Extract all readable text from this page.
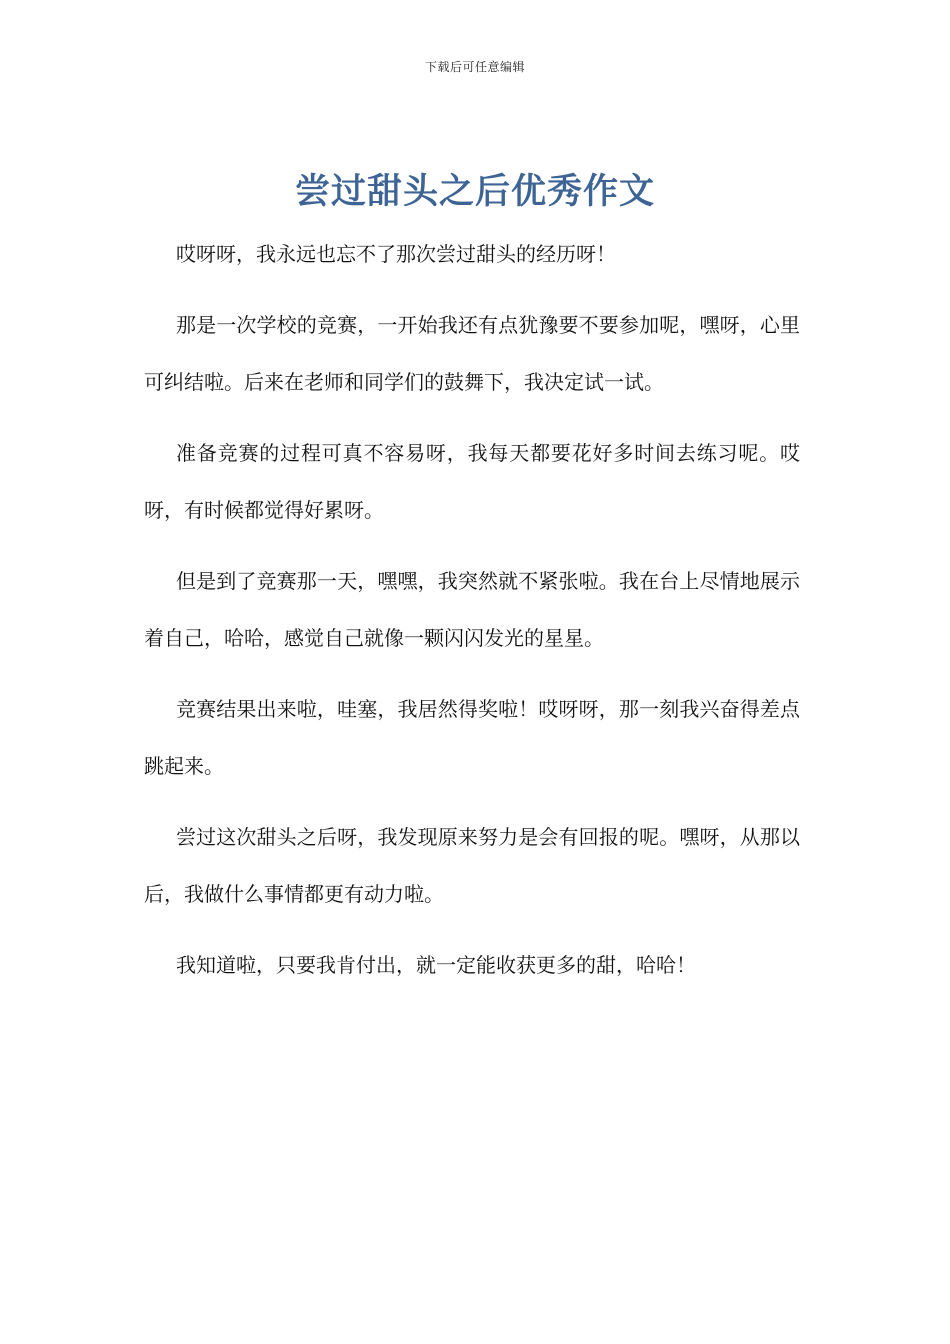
下载后可任意编辑
尝过甜头之后优秀作文

哎呀呀，我永远也忘不了那次尝过甜头的经历呀！

那是一次学校的竞赛，一开始我还有点犹豫要不要参加呢，嘿呀，心里可纠结啦。后来在老师和同学们的鼓舞下，我决定试一试。

准备竞赛的过程可真不容易呀，我每天都要花好多时间去练习呢。哎呀，有时候都觉得好累呀。

但是到了竞赛那一天，嘿嘿，我突然就不紧张啦。我在台上尽情地展示着自己，哈哈，感觉自己就像一颗闪闪发光的星星。

竞赛结果出来啦，哇塞，我居然得奖啦！哎呀呀，那一刻我兴奋得差点跳起来。

尝过这次甜头之后呀，我发现原来努力是会有回报的呢。嘿呀，从那以后，我做什么事情都更有动力啦。

我知道啦，只要我肯付出，就一定能收获更多的甜，哈哈！
